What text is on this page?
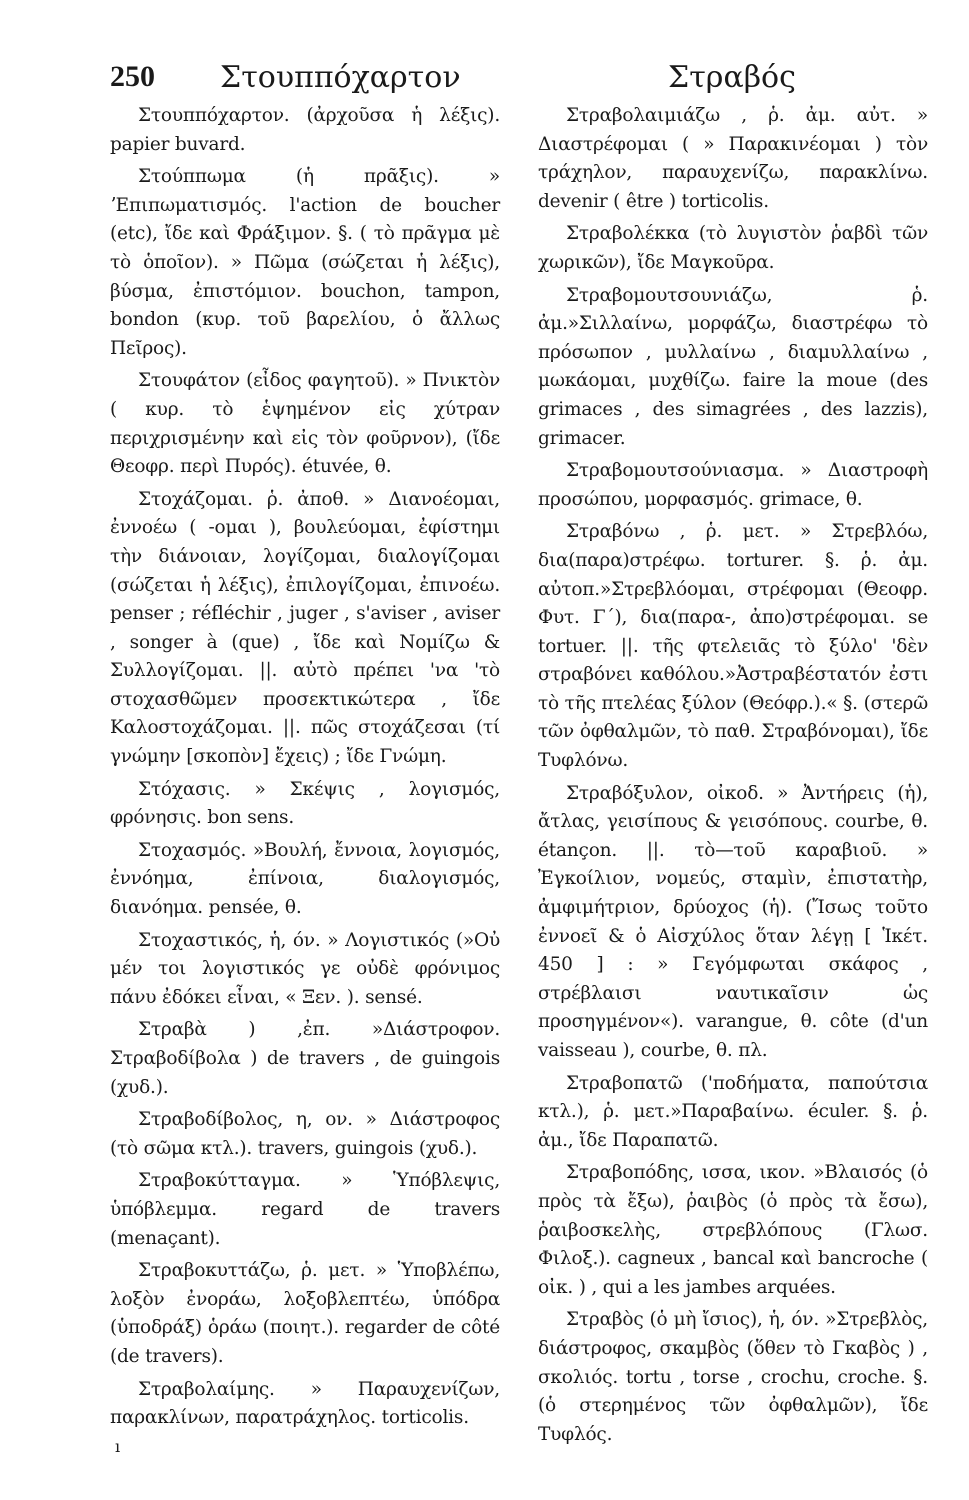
250 Στουππόχαρτον	Στραβός

Στουππόχαρτον. (ἀρχοῦσα ἡ λέξις). papier buvard.

Στούππωμα (ἡ πρᾶξις). » ʼΕπιπωματισμός. l'action de boucher (etc), ἴδε καὶ Φράξιμον. §. ( τὸ πρᾶγμα μὲ τὸ ὁποῖον). » Πῶμα (σώζεται ἡ λέξις), βύσμα, ἐπιστόμιον. bouchon, tampon, bondon (κυρ. τοῦ βαρελίου, ὁ ἄλλως Πεῖρος).

Στουφάτον (εἶδος φαγητοῦ). » Πνικτὸν ( κυρ. τὸ ἑψημένον εἰς χύτραν περιχρισμένην καὶ εἰς τὸν φοῦρνον), (ἴδε Θεοφρ. περὶ Πυρός). étuvée, θ.

Στοχάζομαι. ῥ. ἀποθ. » Διανοέομαι, ἐννοέω ( -ομαι ), βουλεύομαι, ἐφίστημι τὴν διάνοιαν, λογίζομαι, διαλογίζομαι (σώζεται ἡ λέξις), ἐπιλογίζομαι, ἐπινοέω. penser ; réfléchir , juger , s'aviser , aviser , songer à (que) , ἴδε καὶ Νομίζω & Συλλογίζομαι. ||. αὐτὸ πρέπει 'να 'τὸ στοχασθῶμεν προσεκτικώτερα , ἴδε Καλοστοχάζομαι. ||. πῶς στοχάζεσαι (τί γνώμην [σκοπὸν] ἔχεις) ; ἴδε Γνώμη.

Στόχασις. » Σκέψις , λογισμός, φρόνησις. bon sens.

Στοχασμός. »Βουλή, ἔννοια, λογισμός, ἐννόημα, ἐπίνοια, διαλογισμός, διανόημα. pensée, θ.

Στοχαστικός, ἡ, όν. » Λογιστικός (»Οὐ μέν τοι λογιστικός γε οὐδὲ φρόνιμος πάνυ ἐδόκει εἶναι, « Ξεν. ). sensé.

Στραβὰ ) ,ἐπ. »Διάστροφον. Στραβοδίβολα ) de travers , de guingois (χυδ.).

Στραβοδίβολος, η, ον. » Διάστροφος (τὸ σῶμα κτλ.). travers, guingois (χυδ.).

Στραβοκύτταγμα. » Ὑπόβλεψις, ὑπόβλεμμα. regard de travers (menaçant).

Στραβοκυττάζω, ῥ. μετ. » Ὑποβλέπω, λοξὸν ἐνοράω, λοξοβλεπτέω, ὑπόδρα (ὑποδράξ) ὁράω (ποιητ.). regarder de côté (de travers).

Στραβολαίμης. » Παραυχενίζων, παρακλίνων, παρατράχηλος. torticolis.

ı

Στραβολαιμιάζω , ῥ. ἀμ. αὐτ. » Διαστρέφομαι ( » Παρακινέομαι ) τὸν τράχηλον, παραυχενίζω, παρακλίνω. devenir ( être ) torticolis.

Στραβολέκκα (τὸ λυγιστὸν ῥαβδὶ τῶν χωρικῶν), ἴδε Μαγκοῦρα.

Στραβομουτσουνιάζω, ῥ. ἀμ.»Σιλλαίνω, μορφάζω, διαστρέφω τὸ πρόσωπον , μυλλαίνω , διαμυλλαίνω , μωκάομαι, μυχθίζω. faire la moue (des grimaces , des simagrées , des lazzis), grimacer.

Στραβομουτσούνιασμα. » Διαστροφὴ προσώπου, μορφασμός. grimace, θ.

Στραβόνω , ῥ. μετ. » Στρεβλόω, δια(παρα)στρέφω. torturer. §. ῥ. ἀμ. αὐτοπ.»Στρεβλόομαι, στρέφομαι (Θεοφρ. Φυτ. Γ΄), δια(παρα-, ἀπο)στρέφομαι. se tortuer. ||. τῆς φτελειᾶς τὸ ξύλο' 'δὲν στραβόνει καθόλου.»Ἀστραβέστατόν ἐστι τὸ τῆς πτελέας ξύλον (Θεόφρ.).« §. (στερῶ τῶν ὀφθαλμῶν, τὸ παθ. Στραβόνομαι), ἴδε Τυφλόνω.

Στραβόξυλον, οἰκοδ. » Ἀντήρεις (ἡ), ἄτλας, γεισίπους & γεισόπους. courbe, θ. étançon. ||. τὸ—τοῦ καραβιοῦ. » Ἐγκοίλιον, νομεύς, σταμὶν, ἐπιστατὴρ, ἀμφιμήτριον, δρύοχος (ἡ). (Ἴσως τοῦτο ἐννοεῖ & ὁ Αἰσχύλος ὅταν λέγῃ [ Ἱκέτ. 450 ] : » Γεγόμφωται σκάφος , στρέβλαισι ναυτικαῖσιν ὡς προσηγμένον«). varangue, θ. côte (d'un vaisseau ), courbe, θ. πλ.

Στραβοπατῶ ('ποδήματα, παπούτσια κτλ.), ῥ. μετ.»Παραβαίνω. éculer. §. ῥ. ἀμ., ἴδε Παραπατῶ.

Στραβοπόδης, ισσα, ικον. »Βλαισός (ὁ πρὸς τὰ ἔξω), ῥαιβὸς (ὁ πρὸς τὰ ἔσω), ῥαιβοσκελὴς, στρεβλόπους (Γλωσ. Φιλοξ.). cagneux , bancal καὶ bancroche ( οἰκ. ) , qui a les jambes arquées.

Στραβὸς (ὁ μὴ ἴσιος), ἡ, όν. »Στρεβλὸς, διάστροφος, σκαμβὸς (ὅθεν τὸ Γκαβὸς ) , σκολιός. tortu , torse , crochu, croche. §. (ὁ στερημένος τῶν ὀφθαλμῶν), ἴδε Τυφλός.
